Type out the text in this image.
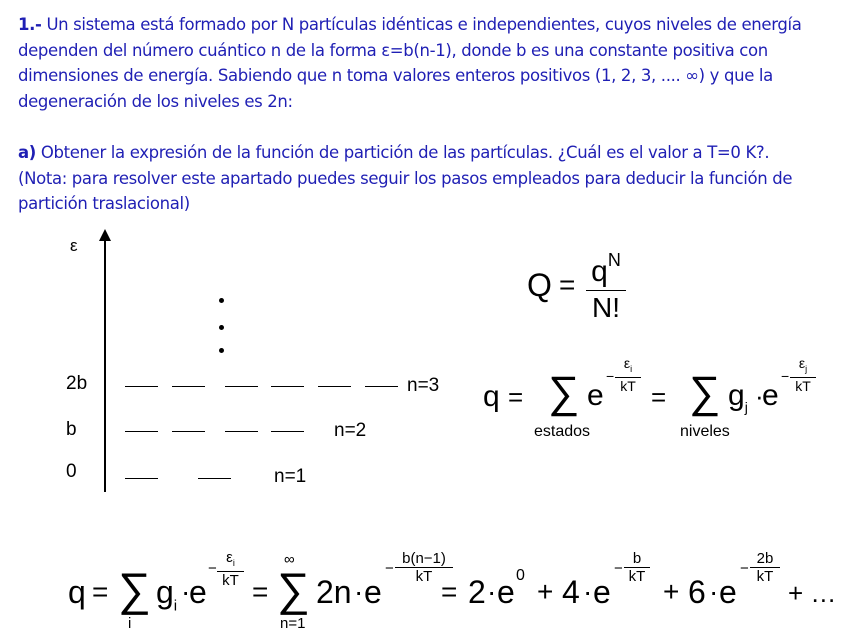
1.- Un sistema está formado por N partículas idénticas e independientes, cuyos niveles de energía dependen del número cuántico n de la forma ε=b(n-1), donde b es una constante positiva con dimensiones de energía. Sabiendo que n toma valores enteros positivos (1, 2, 3, .... ∞) y que la degeneración de los niveles es 2n:
a) Obtener la expresión de la función de partición de las partículas. ¿Cuál es el valor a T=0 K?. (Nota: para resolver este apartado puedes seguir los pasos empleados para deducir la función de partición traslacional)
ε
2b	n=3
b	n=2
0	n=1
$Q = q^N$
N!
q = ∑
estados
e
−
$\varepsilon_i$
kT = ∑
niveles
$g_j$ ·
e
−
$\varepsilon_j$
kT
q = ∑
i
$g_i$ ·
e
−
$\varepsilon_i$
kT =
∞
∑
n=1
2n · e
−
b(n−1)
kT = 2 · e 0
+ 4 · e
−
b
kT + 6 · e
−
2b
kT
+ …
